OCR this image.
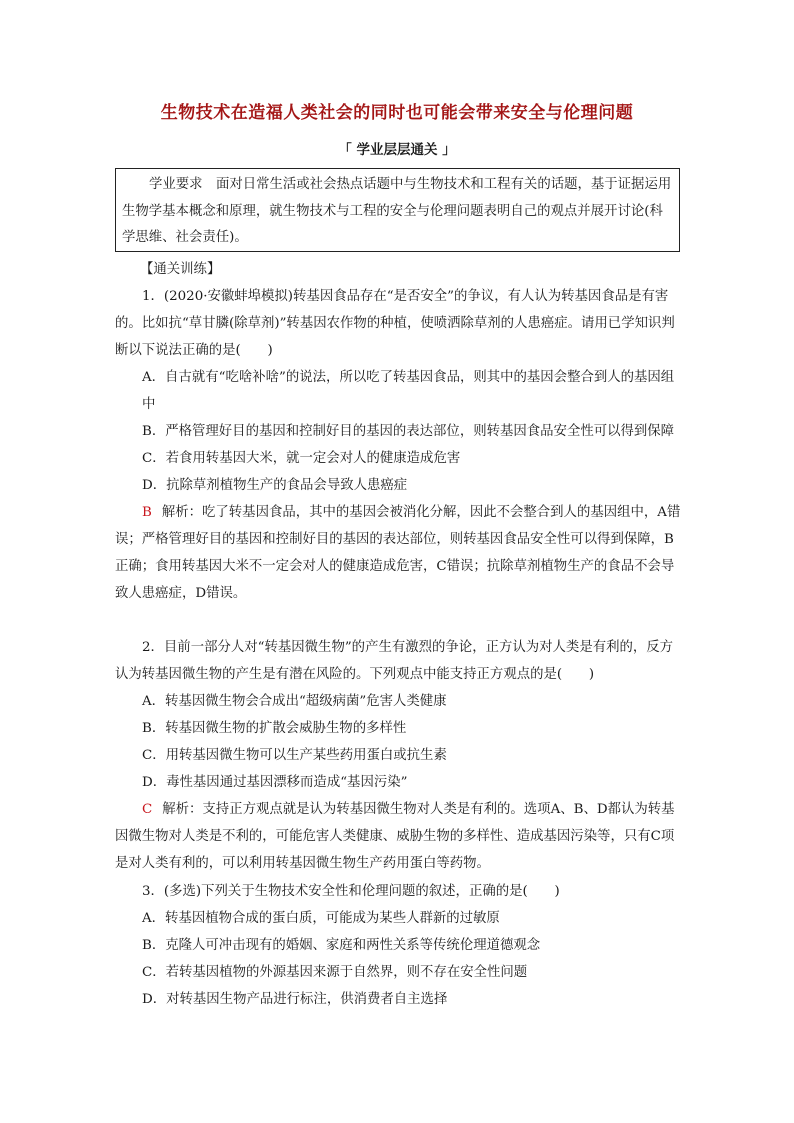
生物技术在造福人类社会的同时也可能会带来安全与伦理问题
「 学业层层通关 」
学业要求　 面对日常生活或社会热点话题中与生物技术和工程有关的话题，基于证据运用生物学基本概念和原理，就生物技术与工程的安全与伦理问题表明自己的观点并展开讨论(科学思维、社会责任)。
【通关训练】

1．(2020·安徽蚌埠模拟)转基因食品存在“是否安全”的争议，有人认为转基因食品是有害的。比如抗“草甘膦(除草剂)”转基因农作物的种植，使喷洒除草剂的人患癌症。请用已学知识判断以下说法正确的是(　　)

A．自古就有“吃啥补啥”的说法，所以吃了转基因食品，则其中的基因会整合到人的基因组中

B．严格管理好目的基因和控制好目的基因的表达部位，则转基因食品安全性可以得到保障

C．若食用转基因大米，就一定会对人的健康造成危害

D．抗除草剂植物生产的食品会导致人患癌症

B 解析：吃了转基因食品，其中的基因会被消化分解，因此不会整合到人的基因组中，A错误；严格管理好目的基因和控制好目的基因的表达部位，则转基因食品安全性可以得到保障，B正确；食用转基因大米不一定会对人的健康造成危害，C错误；抗除草剂植物生产的食品不会导致人患癌症，D错误。

2．目前一部分人对“转基因微生物”的产生有激烈的争论，正方认为对人类是有利的，反方认为转基因微生物的产生是有潜在风险的。下列观点中能支持正方观点的是(　　)

A．转基因微生物会合成出“超级病菌”危害人类健康

B．转基因微生物的扩散会威胁生物的多样性

C．用转基因微生物可以生产某些药用蛋白或抗生素

D．毒性基因通过基因漂移而造成“基因污染”

C 解析：支持正方观点就是认为转基因微生物对人类是有利的。选项A、B、D都认为转基因微生物对人类是不利的，可能危害人类健康、威胁生物的多样性、造成基因污染等，只有C项是对人类有利的，可以利用转基因微生物生产药用蛋白等药物。

3．(多选)下列关于生物技术安全性和伦理问题的叙述，正确的是(　　)

A．转基因植物合成的蛋白质，可能成为某些人群新的过敏原

B．克隆人可冲击现有的婚姻、家庭和两性关系等传统伦理道德观念

C．若转基因植物的外源基因来源于自然界，则不存在安全性问题

D．对转基因生物产品进行标注，供消费者自主选择
